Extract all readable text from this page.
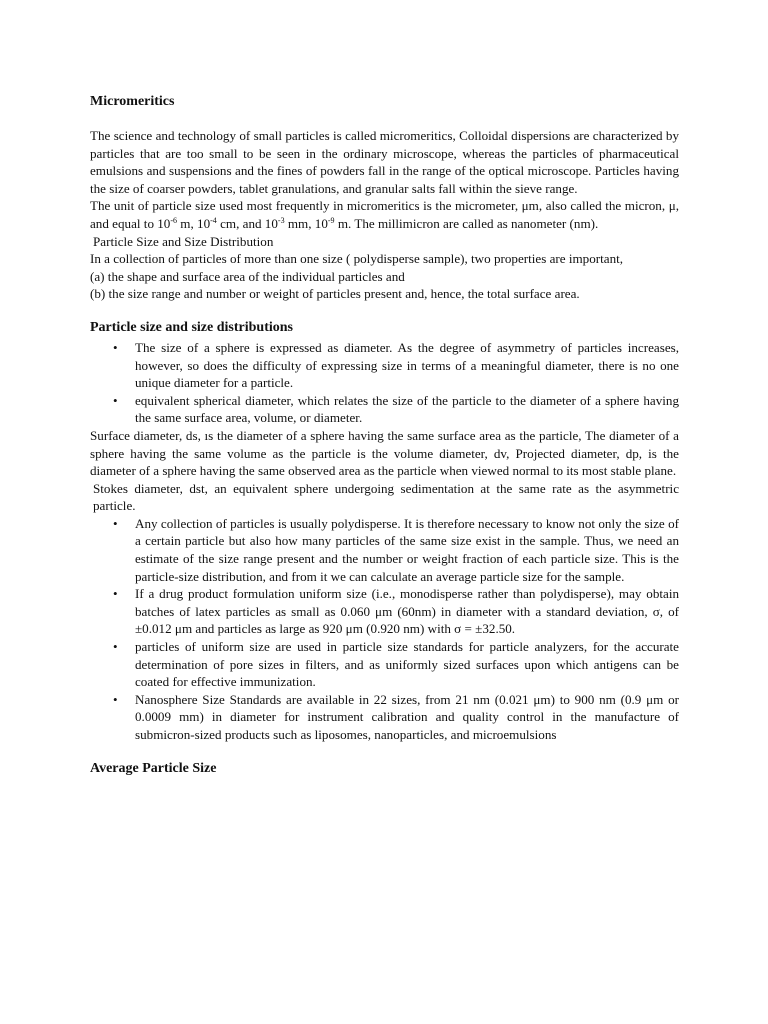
Micromeritics

The science and technology of small particles is called micromeritics, Colloidal dispersions are characterized by particles that are too small to be seen in the ordinary microscope, whereas the particles of pharmaceutical emulsions and suspensions and the fines of powders fall in the range of the optical microscope. Particles having the size of coarser powders, tablet granulations, and granular salts fall within the sieve range.

The unit of particle size used most frequently in micromeritics is the micrometer, μm, also called the micron, μ, and equal to $10^{-6}$ m, $10^{-4}$ cm, and $10^{-3}$ mm, $10^{-9}$ m. The millimicron are called as nanometer (nm).

Particle Size and Size Distribution

In a collection of particles of more than one size ( polydisperse sample), two properties are important,

(a) the shape and surface area of the individual particles and

(b) the size range and number or weight of particles present and, hence, the total surface area.

Particle size and size distributions

• The size of a sphere is expressed as diameter. As the degree of asymmetry of particles increases, however, so does the difficulty of expressing size in terms of a meaningful diameter, there is no one unique diameter for a particle.
• equivalent spherical diameter, which relates the size of the particle to the diameter of a sphere having the same surface area, volume, or diameter.

Surface diameter, ds, ıs the diameter of a sphere having the same surface area as the particle, The diameter of a sphere having the same volume as the particle is the volume diameter, dv, Projected diameter, dp, is the diameter of a sphere having the same observed area as the particle when viewed normal to its most stable plane.

Stokes diameter, dst, an equivalent sphere undergoing sedimentation at the same rate as the asymmetric particle.

• Any collection of particles is usually polydisperse. It is therefore necessary to know not only the size of a certain particle but also how many particles of the same size exist in the sample. Thus, we need an estimate of the size range present and the number or weight fraction of each particle size. This is the particle-size distribution, and from it we can calculate an average particle size for the sample.
• If a drug product formulation uniform size (i.e., monodisperse rather than polydisperse), may obtain batches of latex particles as small as 0.060 μm (60nm) in diameter with a standard deviation, σ, of ±0.012 μm and particles as large as 920 μm (0.920 nm) with σ = ±32.50.
• particles of uniform size are used in particle size standards for particle analyzers, for the accurate determination of pore sizes in filters, and as uniformly sized surfaces upon which antigens can be coated for effective immunization.
• Nanosphere Size Standards are available in 22 sizes, from 21 nm (0.021 μm) to 900 nm (0.9 μm or 0.0009 mm) in diameter for instrument calibration and quality control in the manufacture of submicron-sized products such as liposomes, nanoparticles, and microemulsions

Average Particle Size
